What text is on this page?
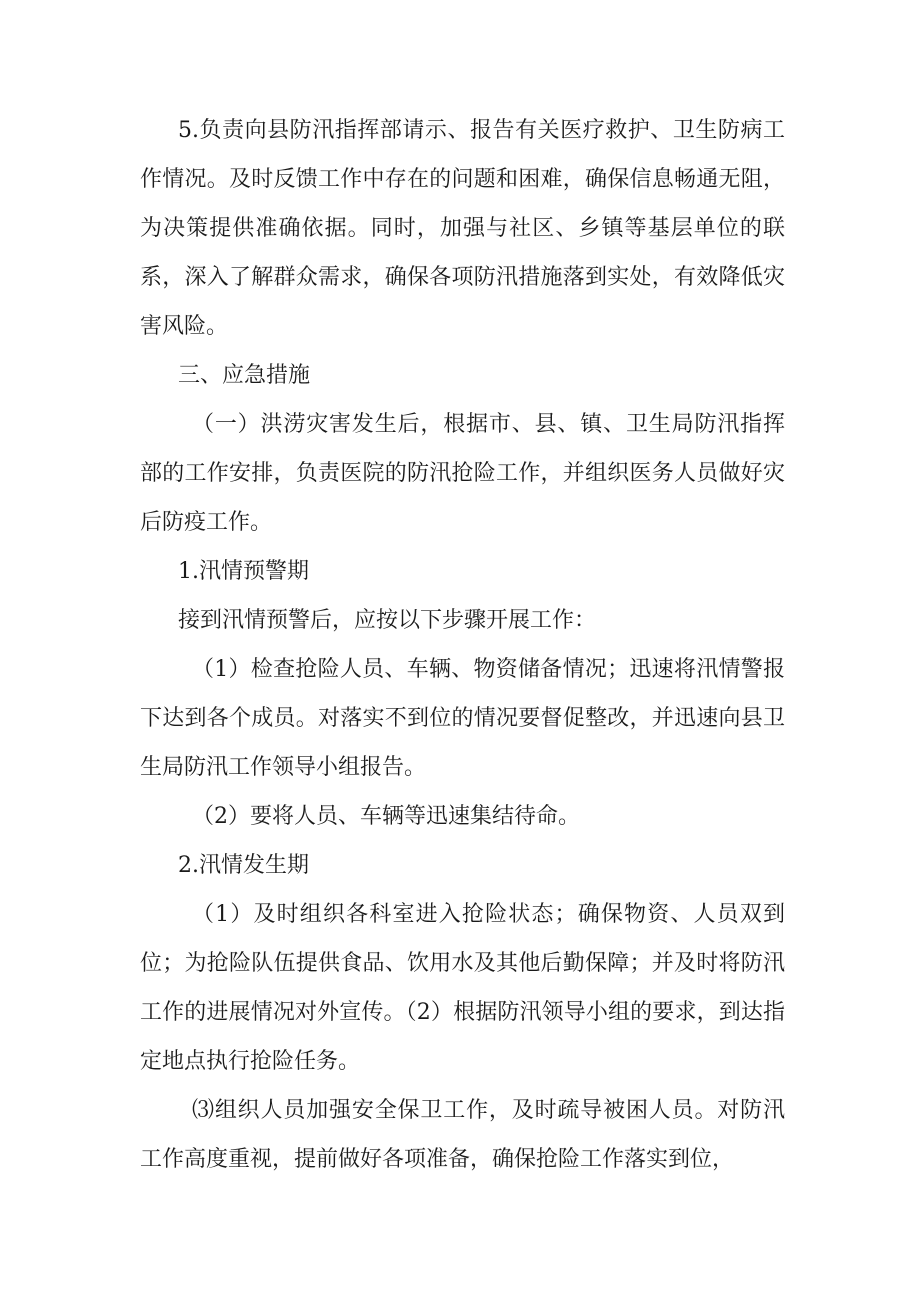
5.负责向县防汛指挥部请示、报告有关医疗救护、卫生防病工作情况。及时反馈工作中存在的问题和困难，确保信息畅通无阻，为决策提供准确依据。同时，加强与社区、乡镇等基层单位的联系，深入了解群众需求，确保各项防汛措施落到实处，有效降低灾害风险。

三、应急措施

（一）洪涝灾害发生后，根据市、县、镇、卫生局防汛指挥部的工作安排，负责医院的防汛抢险工作，并组织医务人员做好灾后防疫工作。

1.汛情预警期

接到汛情预警后，应按以下步骤开展工作：

（1）检查抢险人员、车辆、物资储备情况；迅速将汛情警报下达到各个成员。对落实不到位的情况要督促整改，并迅速向县卫生局防汛工作领导小组报告。

（2）要将人员、车辆等迅速集结待命。

2.汛情发生期

（1）及时组织各科室进入抢险状态；确保物资、人员双到位；为抢险队伍提供食品、饮用水及其他后勤保障；并及时将防汛工作的进展情况对外宣传。（2）根据防汛领导小组的要求，到达指定地点执行抢险任务。

⑶组织人员加强安全保卫工作，及时疏导被困人员。对防汛工作高度重视，提前做好各项准备，确保抢险工作落实到位，
